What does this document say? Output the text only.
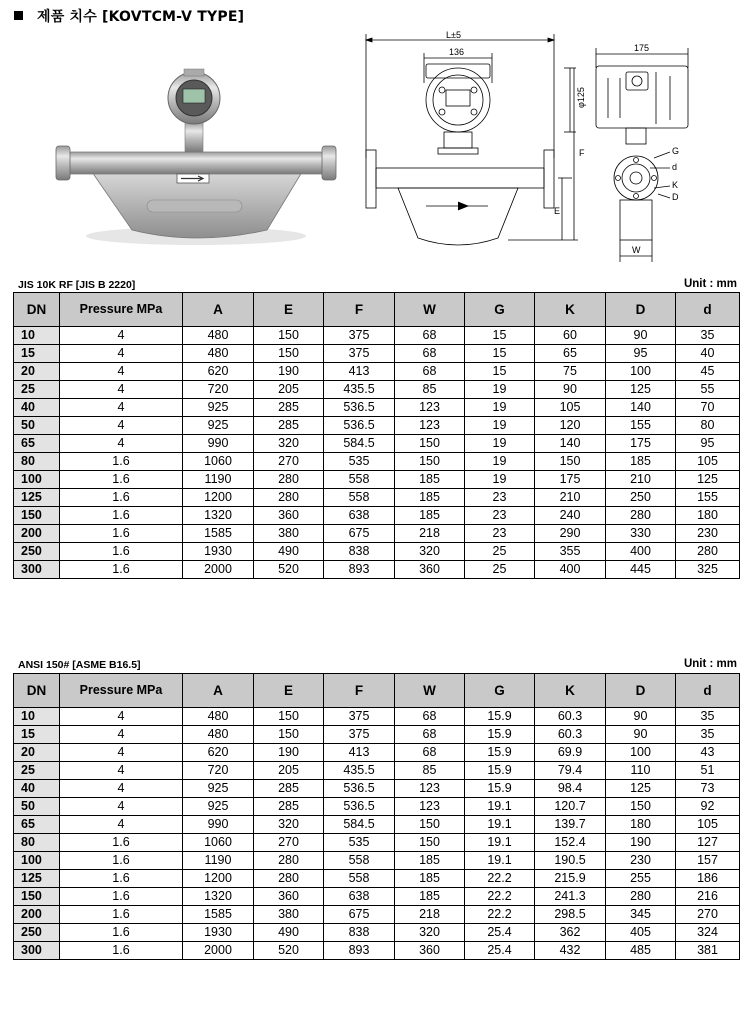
제품 치수 [KOVTCM-V TYPE]
L±5
136	175
φ125
F
E
W
G
d
K
D
JIS 10K RF [JIS B 2220]	Unit : mm
DN	Pressure MPa	A	E	F	W	G	K	D	d
10	4	480	150	375	68	15	60	90	35
15	4	480	150	375	68	15	65	95	40
20	4	620	190	413	68	15	75	100	45
25	4	720	205	435.5	85	19	90	125	55
40	4	925	285	536.5	123	19	105	140	70
50	4	925	285	536.5	123	19	120	155	80
65	4	990	320	584.5	150	19	140	175	95
80	1.6	1060	270	535	150	19	150	185	105
100	1.6	1190	280	558	185	19	175	210	125
125	1.6	1200	280	558	185	23	210	250	155
150	1.6	1320	360	638	185	23	240	280	180
200	1.6	1585	380	675	218	23	290	330	230
250	1.6	1930	490	838	320	25	355	400	280
300	1.6	2000	520	893	360	25	400	445	325
ANSI 150# [ASME B16.5]	Unit : mm
DN	Pressure MPa	A	E	F	W	G	K	D	d
10	4	480	150	375	68	15.9	60.3	90	35
15	4	480	150	375	68	15.9	60.3	90	35
20	4	620	190	413	68	15.9	69.9	100	43
25	4	720	205	435.5	85	15.9	79.4	110	51
40	4	925	285	536.5	123	15.9	98.4	125	73
50	4	925	285	536.5	123	19.1	120.7	150	92
65	4	990	320	584.5	150	19.1	139.7	180	105
80	1.6	1060	270	535	150	19.1	152.4	190	127
100	1.6	1190	280	558	185	19.1	190.5	230	157
125	1.6	1200	280	558	185	22.2	215.9	255	186
150	1.6	1320	360	638	185	22.2	241.3	280	216
200	1.6	1585	380	675	218	22.2	298.5	345	270
250	1.6	1930	490	838	320	25.4	362	405	324
300	1.6	2000	520	893	360	25.4	432	485	381
